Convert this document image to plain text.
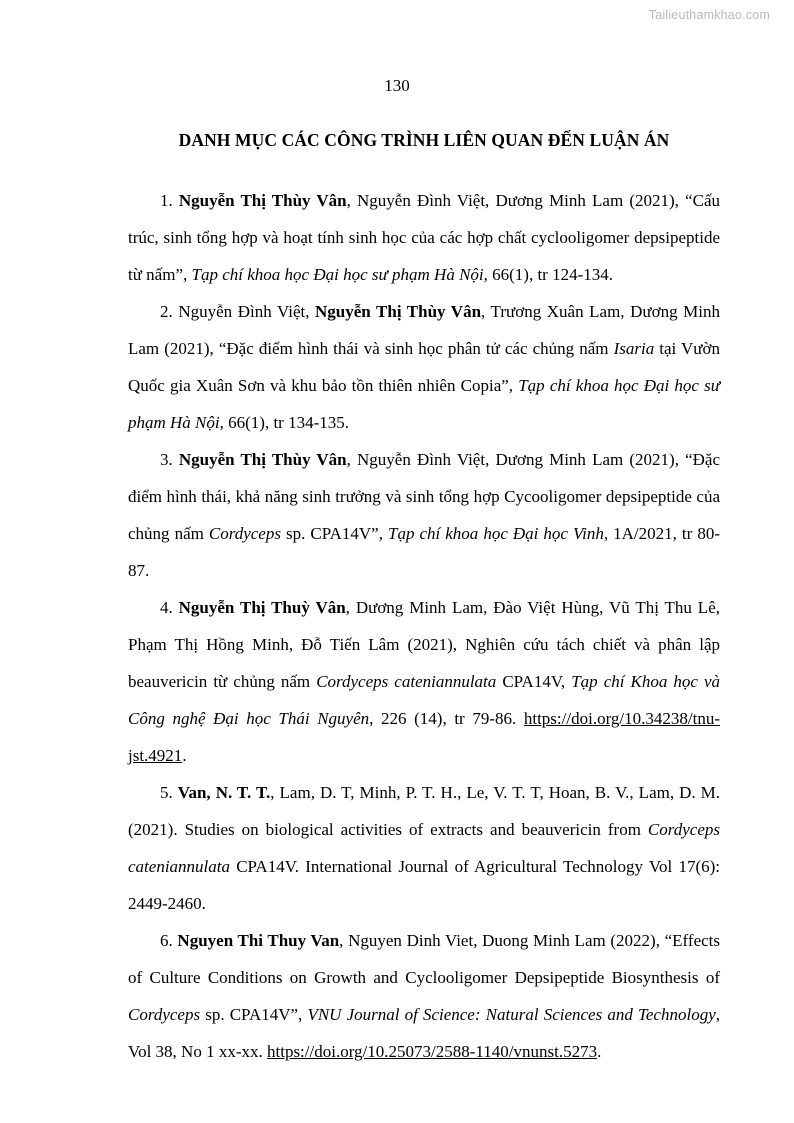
Tailieuthamkhao.com
130
DANH MỤC CÁC CÔNG TRÌNH LIÊN QUAN ĐẾN LUẬN ÁN

1. Nguyễn Thị Thùy Vân, Nguyễn Đình Việt, Dương Minh Lam (2021), “Cấu trúc, sinh tổng hợp và hoạt tính sinh học của các hợp chất cyclooligomer depsipeptide từ nấm”, Tạp chí khoa học Đại học sư phạm Hà Nội, 66(1), tr 124-134.

2. Nguyễn Đình Việt, Nguyễn Thị Thùy Vân, Trương Xuân Lam, Dương Minh Lam (2021), “Đặc điểm hình thái và sinh học phân tử các chủng nấm Isaria tại Vườn Quốc gia Xuân Sơn và khu bảo tồn thiên nhiên Copia”, Tạp chí khoa học Đại học sư phạm Hà Nội, 66(1), tr 134-135.

3. Nguyễn Thị Thùy Vân, Nguyễn Đình Việt, Dương Minh Lam (2021), “Đặc điểm hình thái, khả năng sinh trưởng và sinh tổng hợp Cycooligomer depsipeptide của chủng nấm Cordyceps sp. CPA14V”, Tạp chí khoa học Đại học Vinh, 1A/2021, tr 80-87.

4. Nguyễn Thị Thuỳ Vân, Dương Minh Lam, Đào Việt Hùng, Vũ Thị Thu Lê, Phạm Thị Hồng Minh, Đỗ Tiến Lâm (2021), Nghiên cứu tách chiết và phân lập beauvericin từ chủng nấm Cordyceps cateniannulata CPA14V, Tạp chí Khoa học và Công nghệ Đại học Thái Nguyên, 226 (14), tr 79-86. https://doi.org/10.34238/tnu-jst.4921.

5. Van, N. T. T., Lam, D. T, Minh, P. T. H., Le, V. T. T, Hoan, B. V., Lam, D. M. (2021). Studies on biological activities of extracts and beauvericin from Cordyceps cateniannulata CPA14V. International Journal of Agricultural Technology Vol 17(6): 2449-2460.

6. Nguyen Thi Thuy Van, Nguyen Dinh Viet, Duong Minh Lam (2022), “Effects of Culture Conditions on Growth and Cyclooligomer Depsipeptide Biosynthesis of Cordyceps sp. CPA14V”, VNU Journal of Science: Natural Sciences and Technology, Vol 38, No 1 xx-xx. https://doi.org/10.25073/2588-1140/vnunst.5273.
